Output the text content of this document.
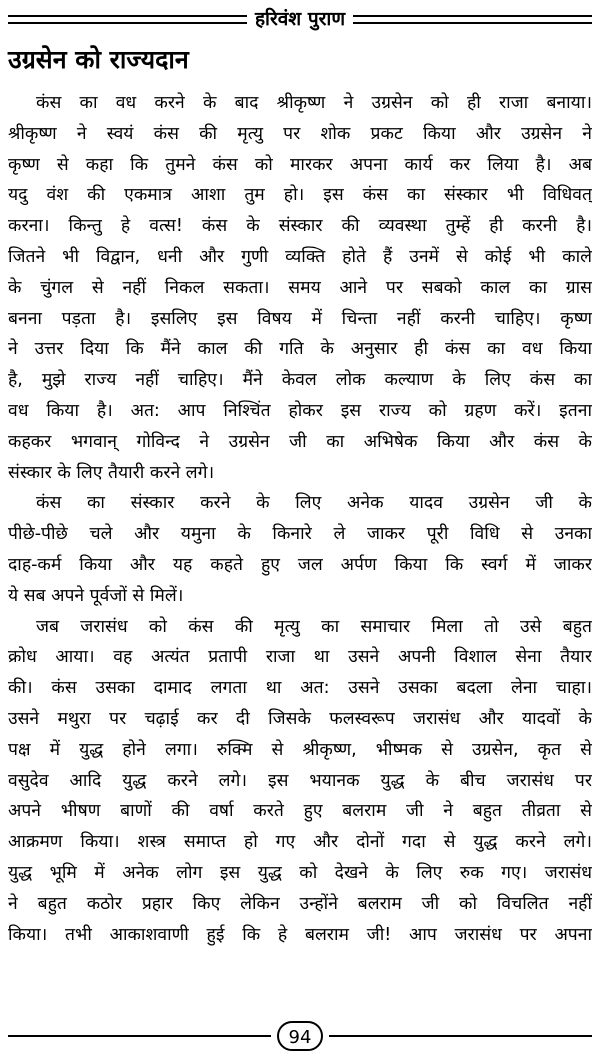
हरिवंश पुराण
उग्रसेन को राज्यदान
कंस का वध करने के बाद श्रीकृष्ण ने उग्रसेन को ही राजा बनाया।
श्रीकृष्ण ने स्वयं कंस की मृत्यु पर शोक प्रकट किया और उग्रसेन ने
कृष्ण से कहा कि तुमने कंस को मारकर अपना कार्य कर लिया है। अब
यदु वंश की एकमात्र आशा तुम हो। इस कंस का संस्कार भी विधिवत्
करना। किन्तु हे वत्स! कंस के संस्कार की व्यवस्था तुम्हें ही करनी है।
जितने भी विद्वान, धनी और गुणी व्यक्ति होते हैं उनमें से कोई भी काले
के चुंगल से नहीं निकल सकता। समय आने पर सबको काल का ग्रास
बनना पड़ता है। इसलिए इस विषय में चिन्ता नहीं करनी चाहिए। कृष्ण
ने उत्तर दिया कि मैंने काल की गति के अनुसार ही कंस का वध किया
है, मुझे राज्य नहीं चाहिए। मैंने केवल लोक कल्याण के लिए कंस का
वध किया है। अत: आप निश्चिंत होकर इस राज्य को ग्रहण करें। इतना
कहकर भगवान् गोविन्द ने उग्रसेन जी का अभिषेक किया और कंस के
संस्कार के लिए तैयारी करने लगे।
कंस का संस्कार करने के लिए अनेक यादव उग्रसेन जी के
पीछे-पीछे चले और यमुना के किनारे ले जाकर पूरी विधि से उनका
दाह-कर्म किया और यह कहते हुए जल अर्पण किया कि स्वर्ग में जाकर
ये सब अपने पूर्वजों से मिलें।
जब जरासंध को कंस की मृत्यु का समाचार मिला तो उसे बहुत
क्रोध आया। वह अत्यंत प्रतापी राजा था उसने अपनी विशाल सेना तैयार
की। कंस उसका दामाद लगता था अत: उसने उसका बदला लेना चाहा।
उसने मथुरा पर चढ़ाई कर दी जिसके फलस्वरूप जरासंध और यादवों के
पक्ष में युद्ध होने लगा। रुक्मि से श्रीकृष्ण, भीष्मक से उग्रसेन, कृत से
वसुदेव आदि युद्ध करने लगे। इस भयानक युद्ध के बीच जरासंध पर
अपने भीषण बाणों की वर्षा करते हुए बलराम जी ने बहुत तीव्रता से
आक्रमण किया। शस्त्र समाप्त हो गए और दोनों गदा से युद्ध करने लगे।
युद्ध भूमि में अनेक लोग इस युद्ध को देखने के लिए रुक गए। जरासंध
ने बहुत कठोर प्रहार किए लेकिन उन्होंने बलराम जी को विचलित नहीं
किया। तभी आकाशवाणी हुई कि हे बलराम जी! आप जरासंध पर अपना
94
